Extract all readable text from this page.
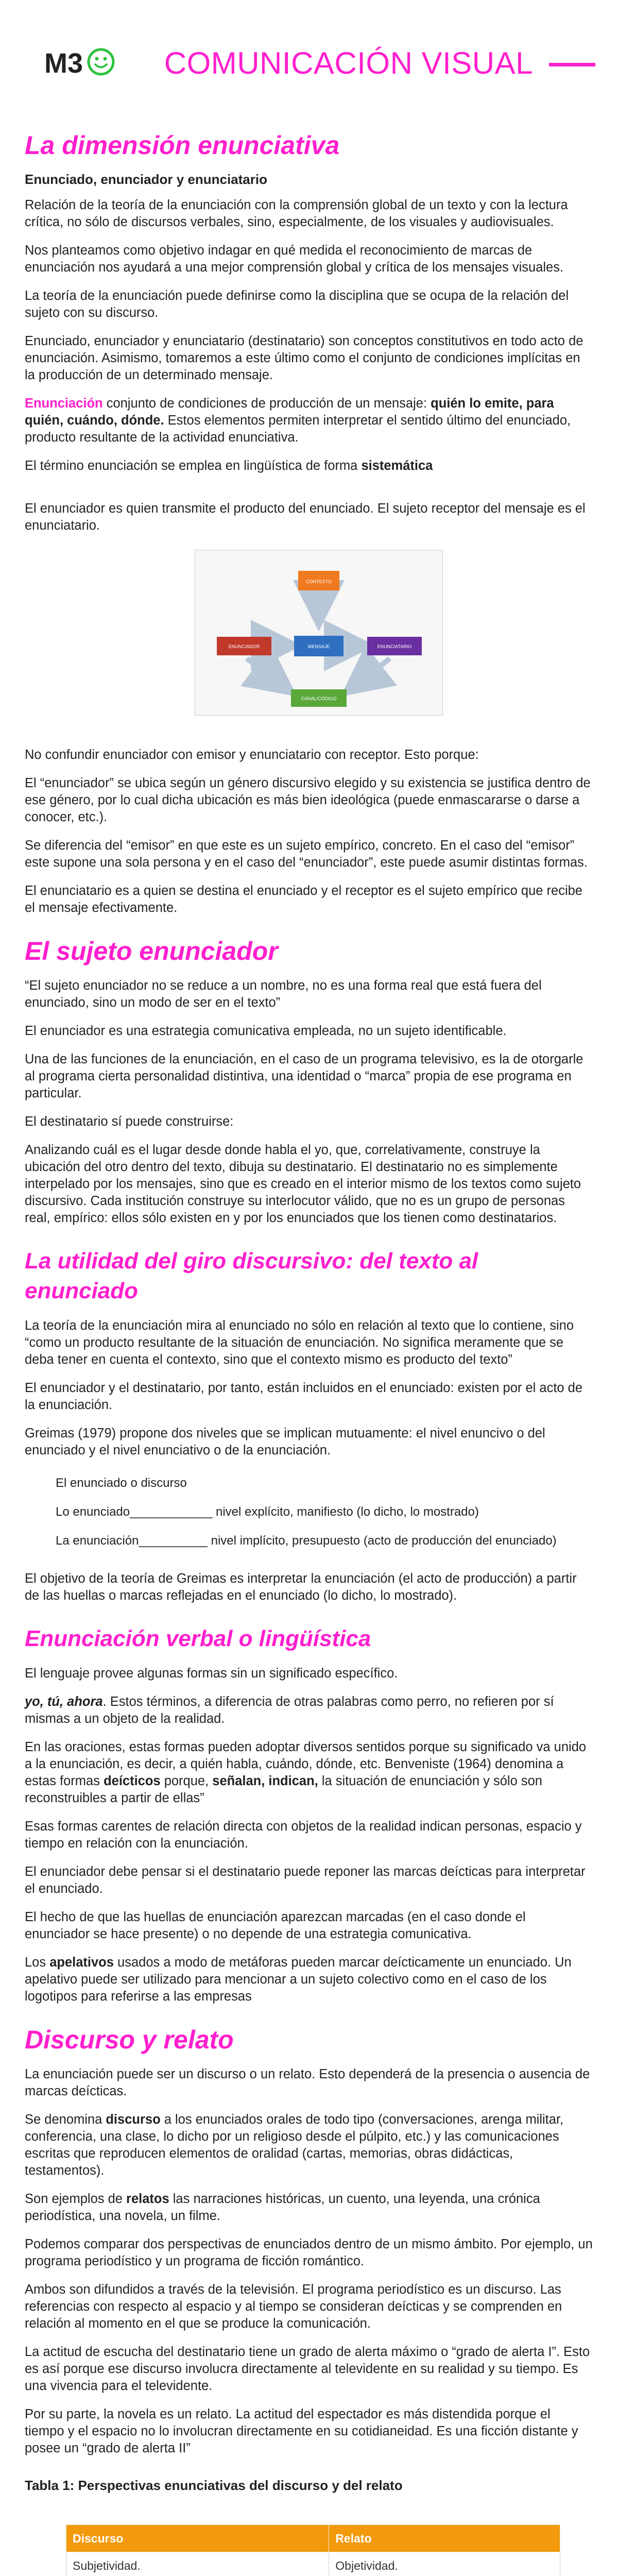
M3	COMUNICACIÓN VISUAL
La dimensión enunciativa
Enunciado, enunciador y enunciatario

Relación de la teoría de la enunciación con la comprensión global de un texto y con la lectura crítica, no sólo de discursos verbales, sino, especialmente, de los visuales y audiovisuales.

Nos planteamos como objetivo indagar en qué medida el reconocimiento de marcas de enunciación nos ayudará a una mejor comprensión global y crítica de los mensajes visuales.

La teoría de la enunciación puede definirse como la disciplina que se ocupa de la relación del sujeto con su discurso.

Enunciado, enunciador y enunciatario (destinatario) son conceptos constitutivos en todo acto de enunciación. Asimismo, tomaremos a este último como el conjunto de condiciones implícitas en la producción de un determinado mensaje.

Enunciación conjunto de condiciones de producción de un mensaje: quién lo emite, para quién, cuándo, dónde. Estos elementos permiten interpretar el sentido último del enunciado, producto resultante de la actividad enunciativa.

El término enunciación se emplea en lingüística de forma sistemática

El enunciador es quien transmite el producto del enunciado. El sujeto receptor del mensaje es el enunciatario.

CONTEXTO
ENUNCIADOR	MENSAJE	ENUNCIATARIO
CANAL/CÓDIGO

No confundir enunciador con emisor y enunciatario con receptor. Esto porque:

El “enunciador” se ubica según un género discursivo elegido y su existencia se justifica dentro de ese género, por lo cual dicha ubicación es más bien ideológica (puede enmascararse o darse a conocer, etc.).

Se diferencia del “emisor” en que este es un sujeto empírico, concreto. En el caso del “emisor” este supone una sola persona y en el caso del “enunciador”, este puede asumir distintas formas.

El enunciatario es a quien se destina el enunciado y el receptor es el sujeto empírico que recibe el mensaje efectivamente.

El sujeto enunciador

“El sujeto enunciador no se reduce a un nombre, no es una forma real que está fuera del enunciado, sino un modo de ser en el texto”

El enunciador es una estrategia comunicativa empleada, no un sujeto identificable.

Una de las funciones de la enunciación, en el caso de un programa televisivo, es la de otorgarle al programa cierta personalidad distintiva, una identidad o “marca” propia de ese programa en particular.

El destinatario sí puede construirse:

Analizando cuál es el lugar desde donde habla el yo, que, correlativamente, construye la ubicación del otro dentro del texto, dibuja su destinatario. El destinatario no es simplemente interpelado por los mensajes, sino que es creado en el interior mismo de los textos como sujeto discursivo. Cada institución construye su interlocutor válido, que no es un grupo de personas real, empírico: ellos sólo existen en y por los enunciados que los tienen como destinatarios.

La utilidad del giro discursivo: del texto al enunciado

La teoría de la enunciación mira al enunciado no sólo en relación al texto que lo contiene, sino “como un producto resultante de la situación de enunciación. No significa meramente que se deba tener en cuenta el contexto, sino que el contexto mismo es producto del texto”

El enunciador y el destinatario, por tanto, están incluidos en el enunciado: existen por el acto de la enunciación.

Greimas (1979) propone dos niveles que se implican mutuamente: el nivel enuncivo o del enunciado y el nivel enunciativo o de la enunciación.

El enunciado o discurso
Lo enunciado____________ nivel explícito, manifiesto (lo dicho, lo mostrado)
La enunciación__________ nivel implícito, presupuesto (acto de producción del enunciado)

El objetivo de la teoría de Greimas es interpretar la enunciación (el acto de producción) a partir de las huellas o marcas reflejadas en el enunciado (lo dicho, lo mostrado).

Enunciación verbal o lingüística

El lenguaje provee algunas formas sin un significado específico.

yo, tú, ahora. Estos términos, a diferencia de otras palabras como perro, no refieren por sí mismas a un objeto de la realidad.

En las oraciones, estas formas pueden adoptar diversos sentidos porque su significado va unido a la enunciación, es decir, a quién habla, cuándo, dónde, etc. Benveniste (1964) denomina a estas formas deícticos porque, señalan, indican, la situación de enunciación y sólo son reconstruibles a partir de ellas”

Esas formas carentes de relación directa con objetos de la realidad indican personas, espacio y tiempo en relación con la enunciación.

El enunciador debe pensar si el destinatario puede reponer las marcas deícticas para interpretar el enunciado.

El hecho de que las huellas de enunciación aparezcan marcadas (en el caso donde el enunciador se hace presente) o no depende de una estrategia comunicativa.

Los apelativos usados a modo de metáforas pueden marcar deícticamente un enunciado. Un apelativo puede ser utilizado para mencionar a un sujeto colectivo como en el caso de los logotipos para referirse a las empresas

Discurso y relato

La enunciación puede ser un discurso o un relato. Esto dependerá de la presencia o ausencia de marcas deícticas.

Se denomina discurso a los enunciados orales de todo tipo (conversaciones, arenga militar, conferencia, una clase, lo dicho por un religioso desde el púlpito, etc.) y las comunicaciones escritas que reproducen elementos de oralidad (cartas, memorias, obras didácticas, testamentos).

Son ejemplos de relatos las narraciones históricas, un cuento, una leyenda, una crónica periodística, una novela, un filme.

Podemos comparar dos perspectivas de enunciados dentro de un mismo ámbito. Por ejemplo, un programa periodístico y un programa de ficción romántico.

Ambos son difundidos a través de la televisión. El programa periodístico es un discurso. Las referencias con respecto al espacio y al tiempo se consideran deícticas y se comprenden en relación al momento en el que se produce la comunicación.

La actitud de escucha del destinatario tiene un grado de alerta máximo o “grado de alerta I”. Esto es así porque ese discurso involucra directamente al televidente en su realidad y su tiempo. Es una vivencia para el televidente.

Por su parte, la novela es un relato. La actitud del espectador es más distendida porque el tiempo y el espacio no lo involucran directamente en su cotidianeidad. Es una ficción distante y posee un “grado de alerta II”

Tabla 1: Perspectivas enunciativas del discurso y del relato
Discurso	Relato
Subjetividad.	Objetividad.
